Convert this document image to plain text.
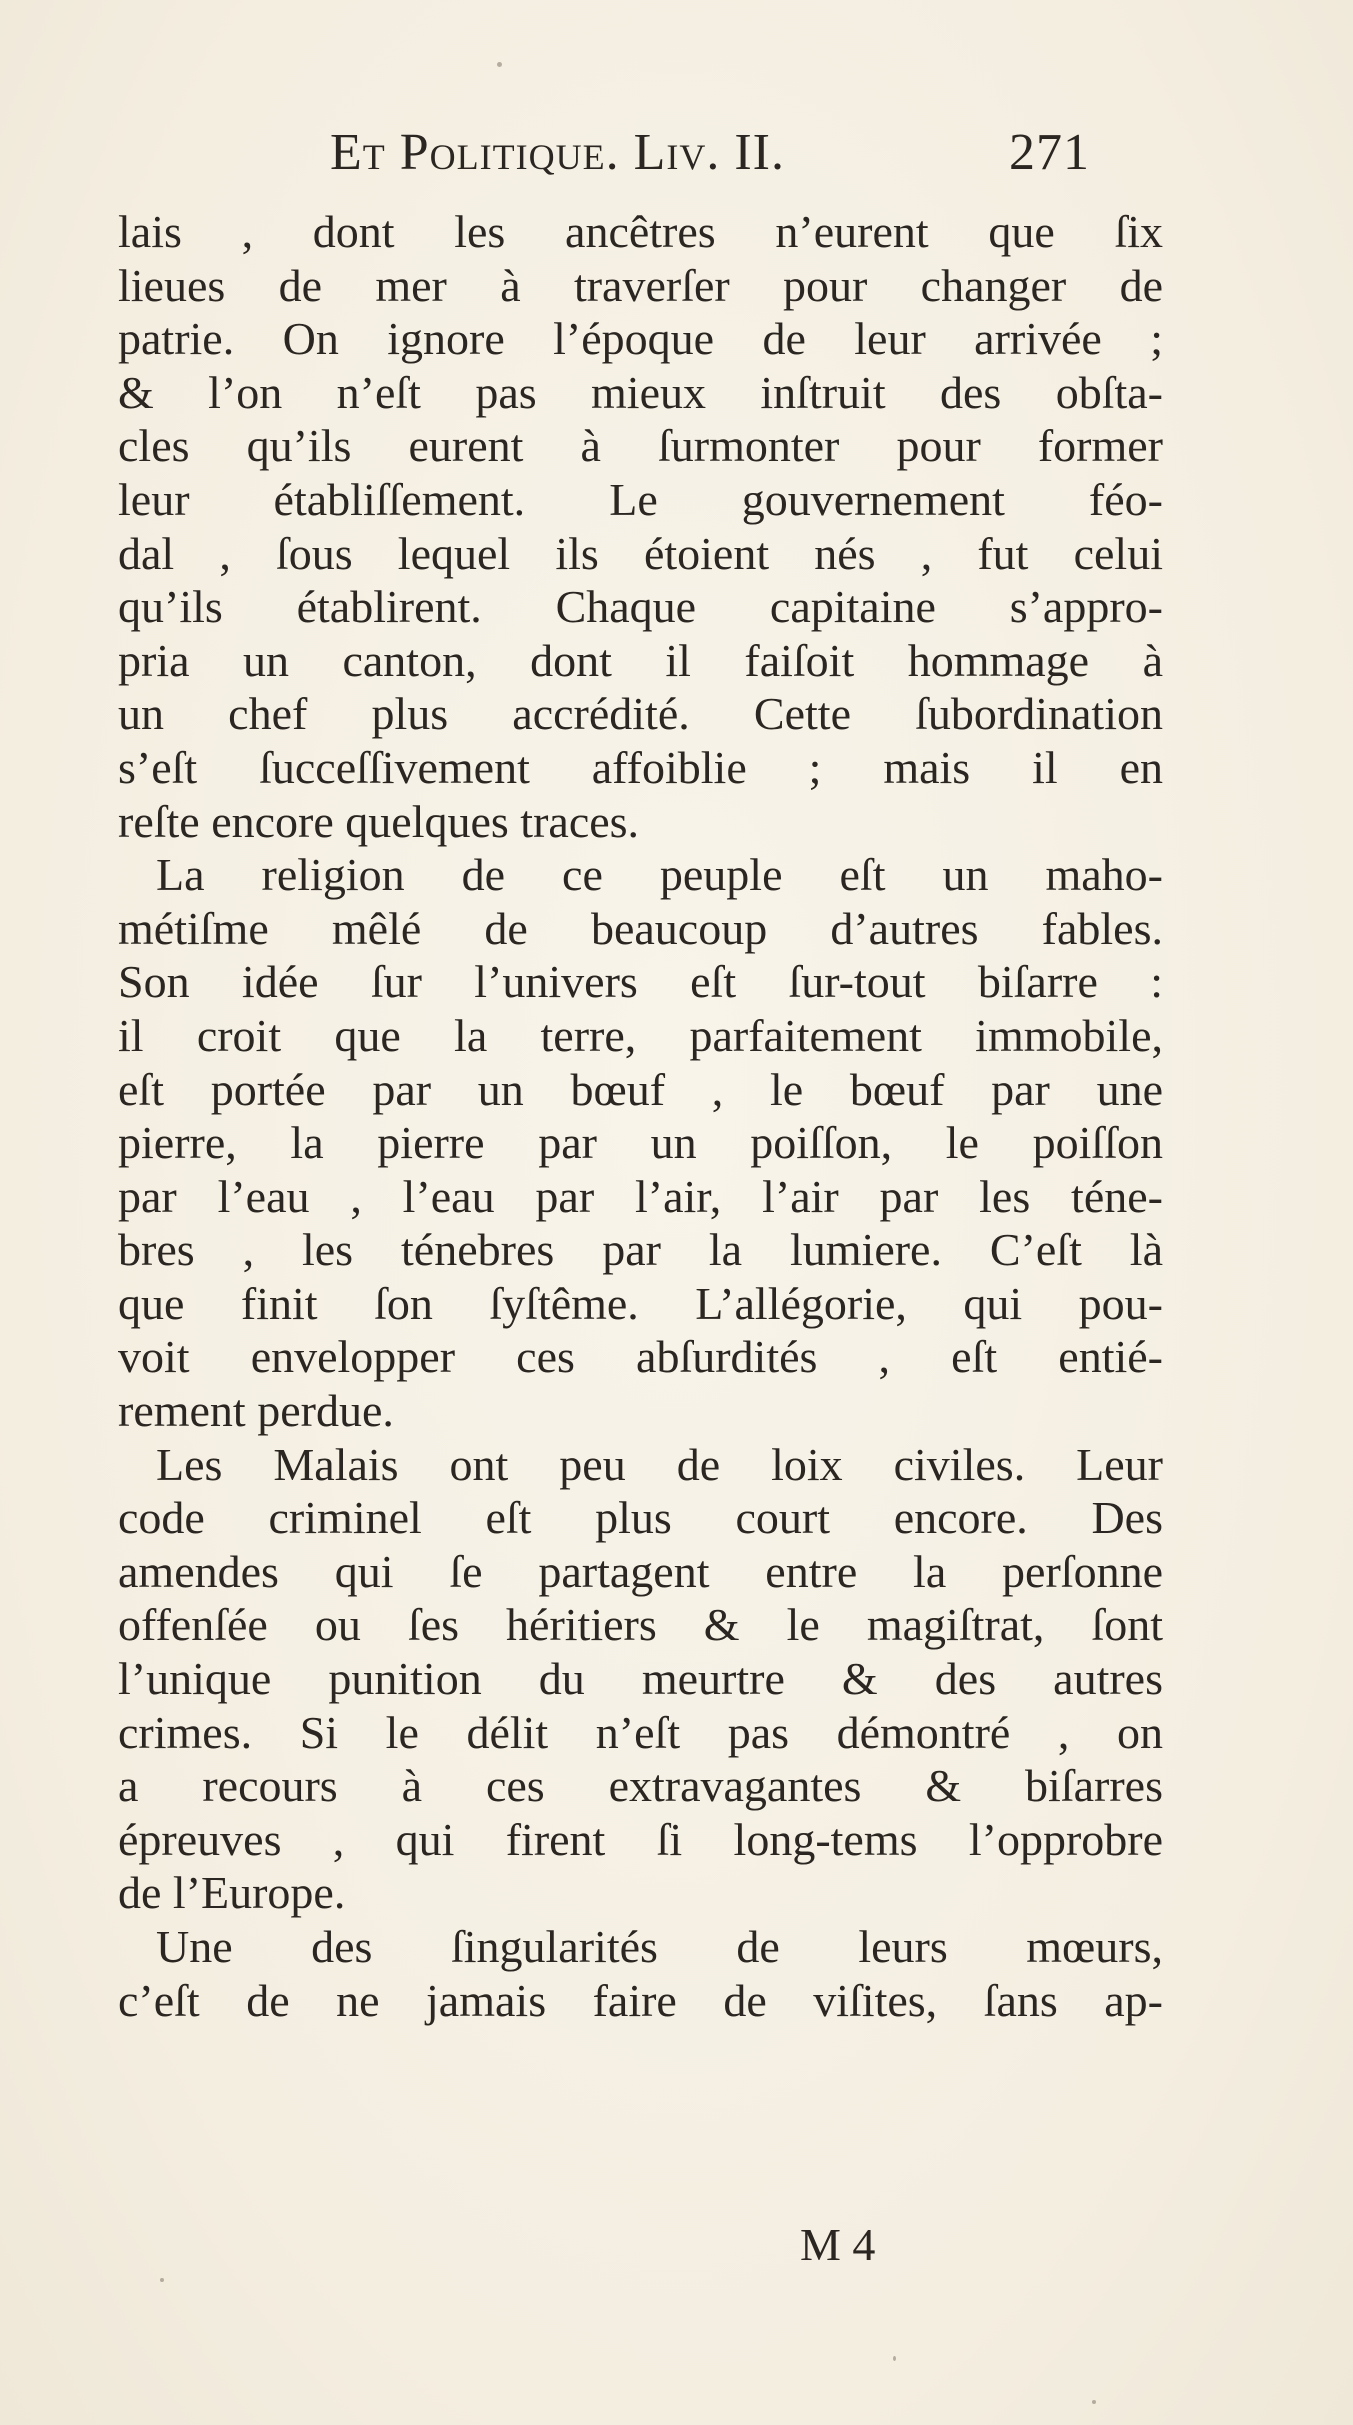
Et Politique. Liv. II.	271
lais , dont les ancêtres n’eurent que ſix
lieues de mer à traverſer pour changer de
patrie. On ignore l’époque de leur arrivée ;
& l’on n’eſt pas mieux inſtruit des obſta-
cles qu’ils eurent à ſurmonter pour former
leur établiſſement. Le gouvernement féo-
dal , ſous lequel ils étoient nés , fut celui
qu’ils établirent. Chaque capitaine s’appro-
pria un canton, dont il faiſoit hommage à
un chef plus accrédité. Cette ſubordination
s’eſt ſucceſſivement affoiblie ; mais il en
reſte encore quelques traces.
La religion de ce peuple eſt un maho-
métiſme mêlé de beaucoup d’autres fables.
Son idée ſur l’univers eſt ſur-tout biſarre :
il croit que la terre, parfaitement immobile,
eſt portée par un bœuf , le bœuf par une
pierre, la pierre par un poiſſon, le poiſſon
par l’eau , l’eau par l’air, l’air par les téne-
bres , les ténebres par la lumiere. C’eſt là
que finit ſon ſyſtême. L’allégorie, qui pou-
voit envelopper ces abſurdités , eſt entié-
rement perdue.
Les Malais ont peu de loix civiles. Leur
code criminel eſt plus court encore. Des
amendes qui ſe partagent entre la perſonne
offenſée ou ſes héritiers & le magiſtrat, ſont
l’unique punition du meurtre & des autres
crimes. Si le délit n’eſt pas démontré , on
a recours à ces extravagantes & biſarres
épreuves , qui firent ſi long-tems l’opprobre
de l’Europe.
Une des ſingularités de leurs mœurs,
c’eſt de ne jamais faire de viſites, ſans ap-
M 4
